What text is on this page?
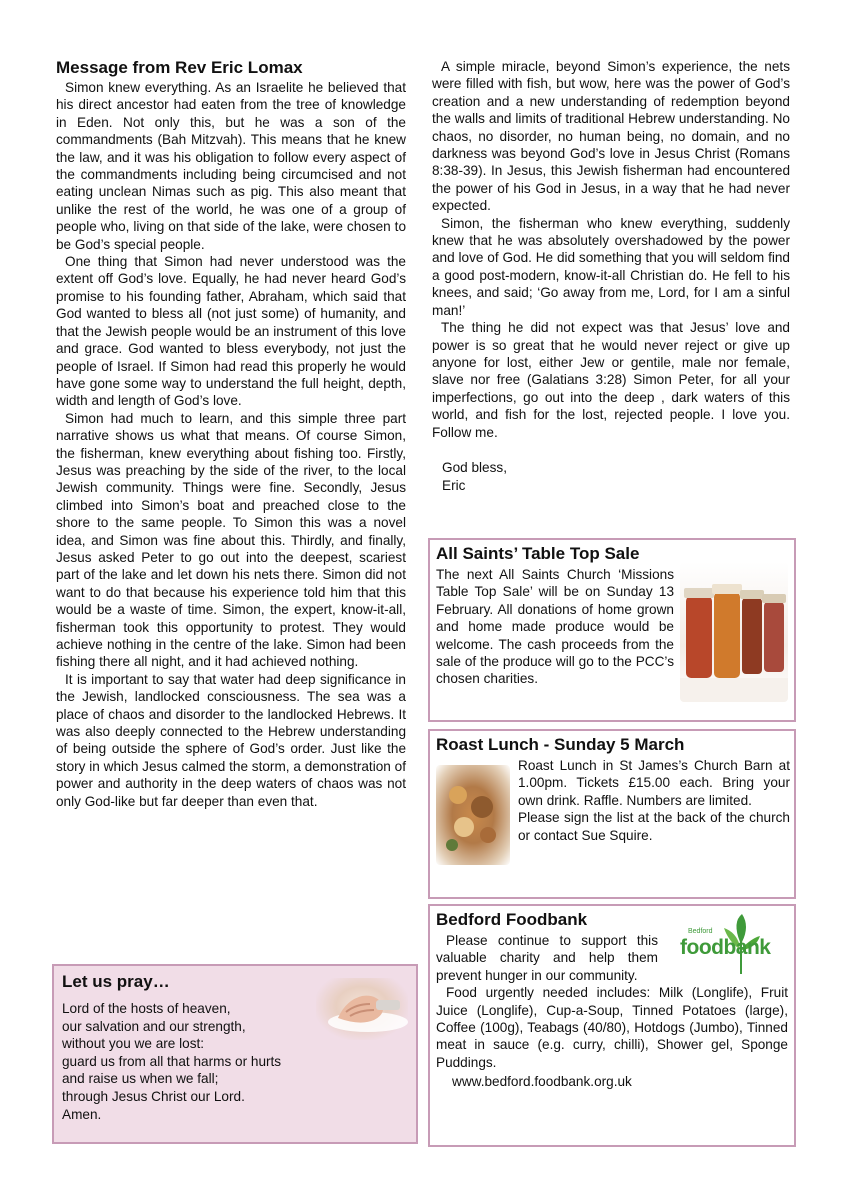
Message from Rev Eric Lomax

Simon knew everything. As an Israelite he believed that his direct ancestor had eaten from the tree of knowledge in Eden. Not only this, but he was a son of the commandments (Bah Mitzvah). This means that he knew the law, and it was his obligation to follow every aspect of the commandments including being circumcised and not eating unclean Nimas such as pig. This also meant that unlike the rest of the world, he was one of a group of people who, living on that side of the lake, were chosen to be God’s special people.

One thing that Simon had never understood was the extent off God’s love. Equally, he had never heard God’s promise to his founding father, Abraham, which said that God wanted to bless all (not just some) of humanity, and that the Jewish people would be an instrument of this love and grace. God wanted to bless everybody, not just the people of Israel. If Simon had read this properly he would have gone some way to understand the full height, depth, width and length of God’s love.

Simon had much to learn, and this simple three part narrative shows us what that means. Of course Simon, the fisherman, knew everything about fishing too. Firstly, Jesus was preaching by the side of the river, to the local Jewish community. Things were fine. Secondly, Jesus climbed into Simon’s boat and preached close to the shore to the same people. To Simon this was a novel idea, and Simon was fine about this. Thirdly, and finally, Jesus asked Peter to go out into the deepest, scariest part of the lake and let down his nets there. Simon did not want to do that because his experience told him that this would be a waste of time. Simon, the expert, know-it-all, fisherman took this opportunity to protest. They would achieve nothing in the centre of the lake. Simon had been fishing there all night, and it had achieved nothing.

It is important to say that water had deep significance in the Jewish, landlocked consciousness. The sea was a place of chaos and disorder to the landlocked Hebrews. It was also deeply connected to the Hebrew understanding of being outside the sphere of God’s order. Just like the story in which Jesus calmed the storm, a demonstration of power and authority in the deep waters of chaos was not only God-like but far deeper than even that.

A simple miracle, beyond Simon’s experience, the nets were filled with fish, but wow, here was the power of God’s creation and a new understanding of redemption beyond the walls and limits of traditional Hebrew understanding. No chaos, no disorder, no human being, no domain, and no darkness was beyond God’s love in Jesus Christ (Romans 8:38-39). In Jesus, this Jewish fisherman had encountered the power of his God in Jesus, in a way that he had never expected.

Simon, the fisherman who knew everything, suddenly knew that he was absolutely overshadowed by the power and love of God. He did something that you will seldom find a good post-modern, know-it-all Christian do. He fell to his knees, and said; ‘Go away from me, Lord, for I am a sinful man!’

The thing he did not expect was that Jesus’ love and power is so great that he would never reject or give up anyone for lost, either Jew or gentile, male nor female, slave nor free (Galatians 3:28) Simon Peter, for all your imperfections, go out into the deep , dark waters of this world, and fish for the lost, rejected people. I love you. Follow me.

God bless,
Eric
Let us pray…
Lord of the hosts of heaven,
our salvation and our strength,
without you we are lost:
guard us from all that harms or hurts
and raise us when we fall;
through Jesus Christ our Lord.
Amen.
All Saints’ Table Top Sale

The next All Saints Church ‘Missions Table Top Sale’ will be on Sunday 13 February. All donations of home grown and home made produce would be welcome. The cash proceeds from the sale of the produce will go to the PCC’s chosen charities.

Roast Lunch - Sunday 5 March

Roast Lunch in St James’s Church Barn at 1.00pm. Tickets £15.00 each. Bring your own drink. Raffle. Numbers are limited.

Please sign the list at the back of the church or contact Sue Squire.

Bedford Foodbank
Bedford
foodbank

Please continue to support this valuable charity and help them prevent hunger in our community.

Food urgently needed includes: Milk (Longlife), Fruit Juice (Longlife), Cup-a-Soup, Tinned Potatoes (large), Coffee (100g), Teabags (40/80), Hotdogs (Jumbo), Tinned meat in sauce (e.g. curry, chilli), Shower gel, Sponge Puddings.

www.bedford.foodbank.org.uk
